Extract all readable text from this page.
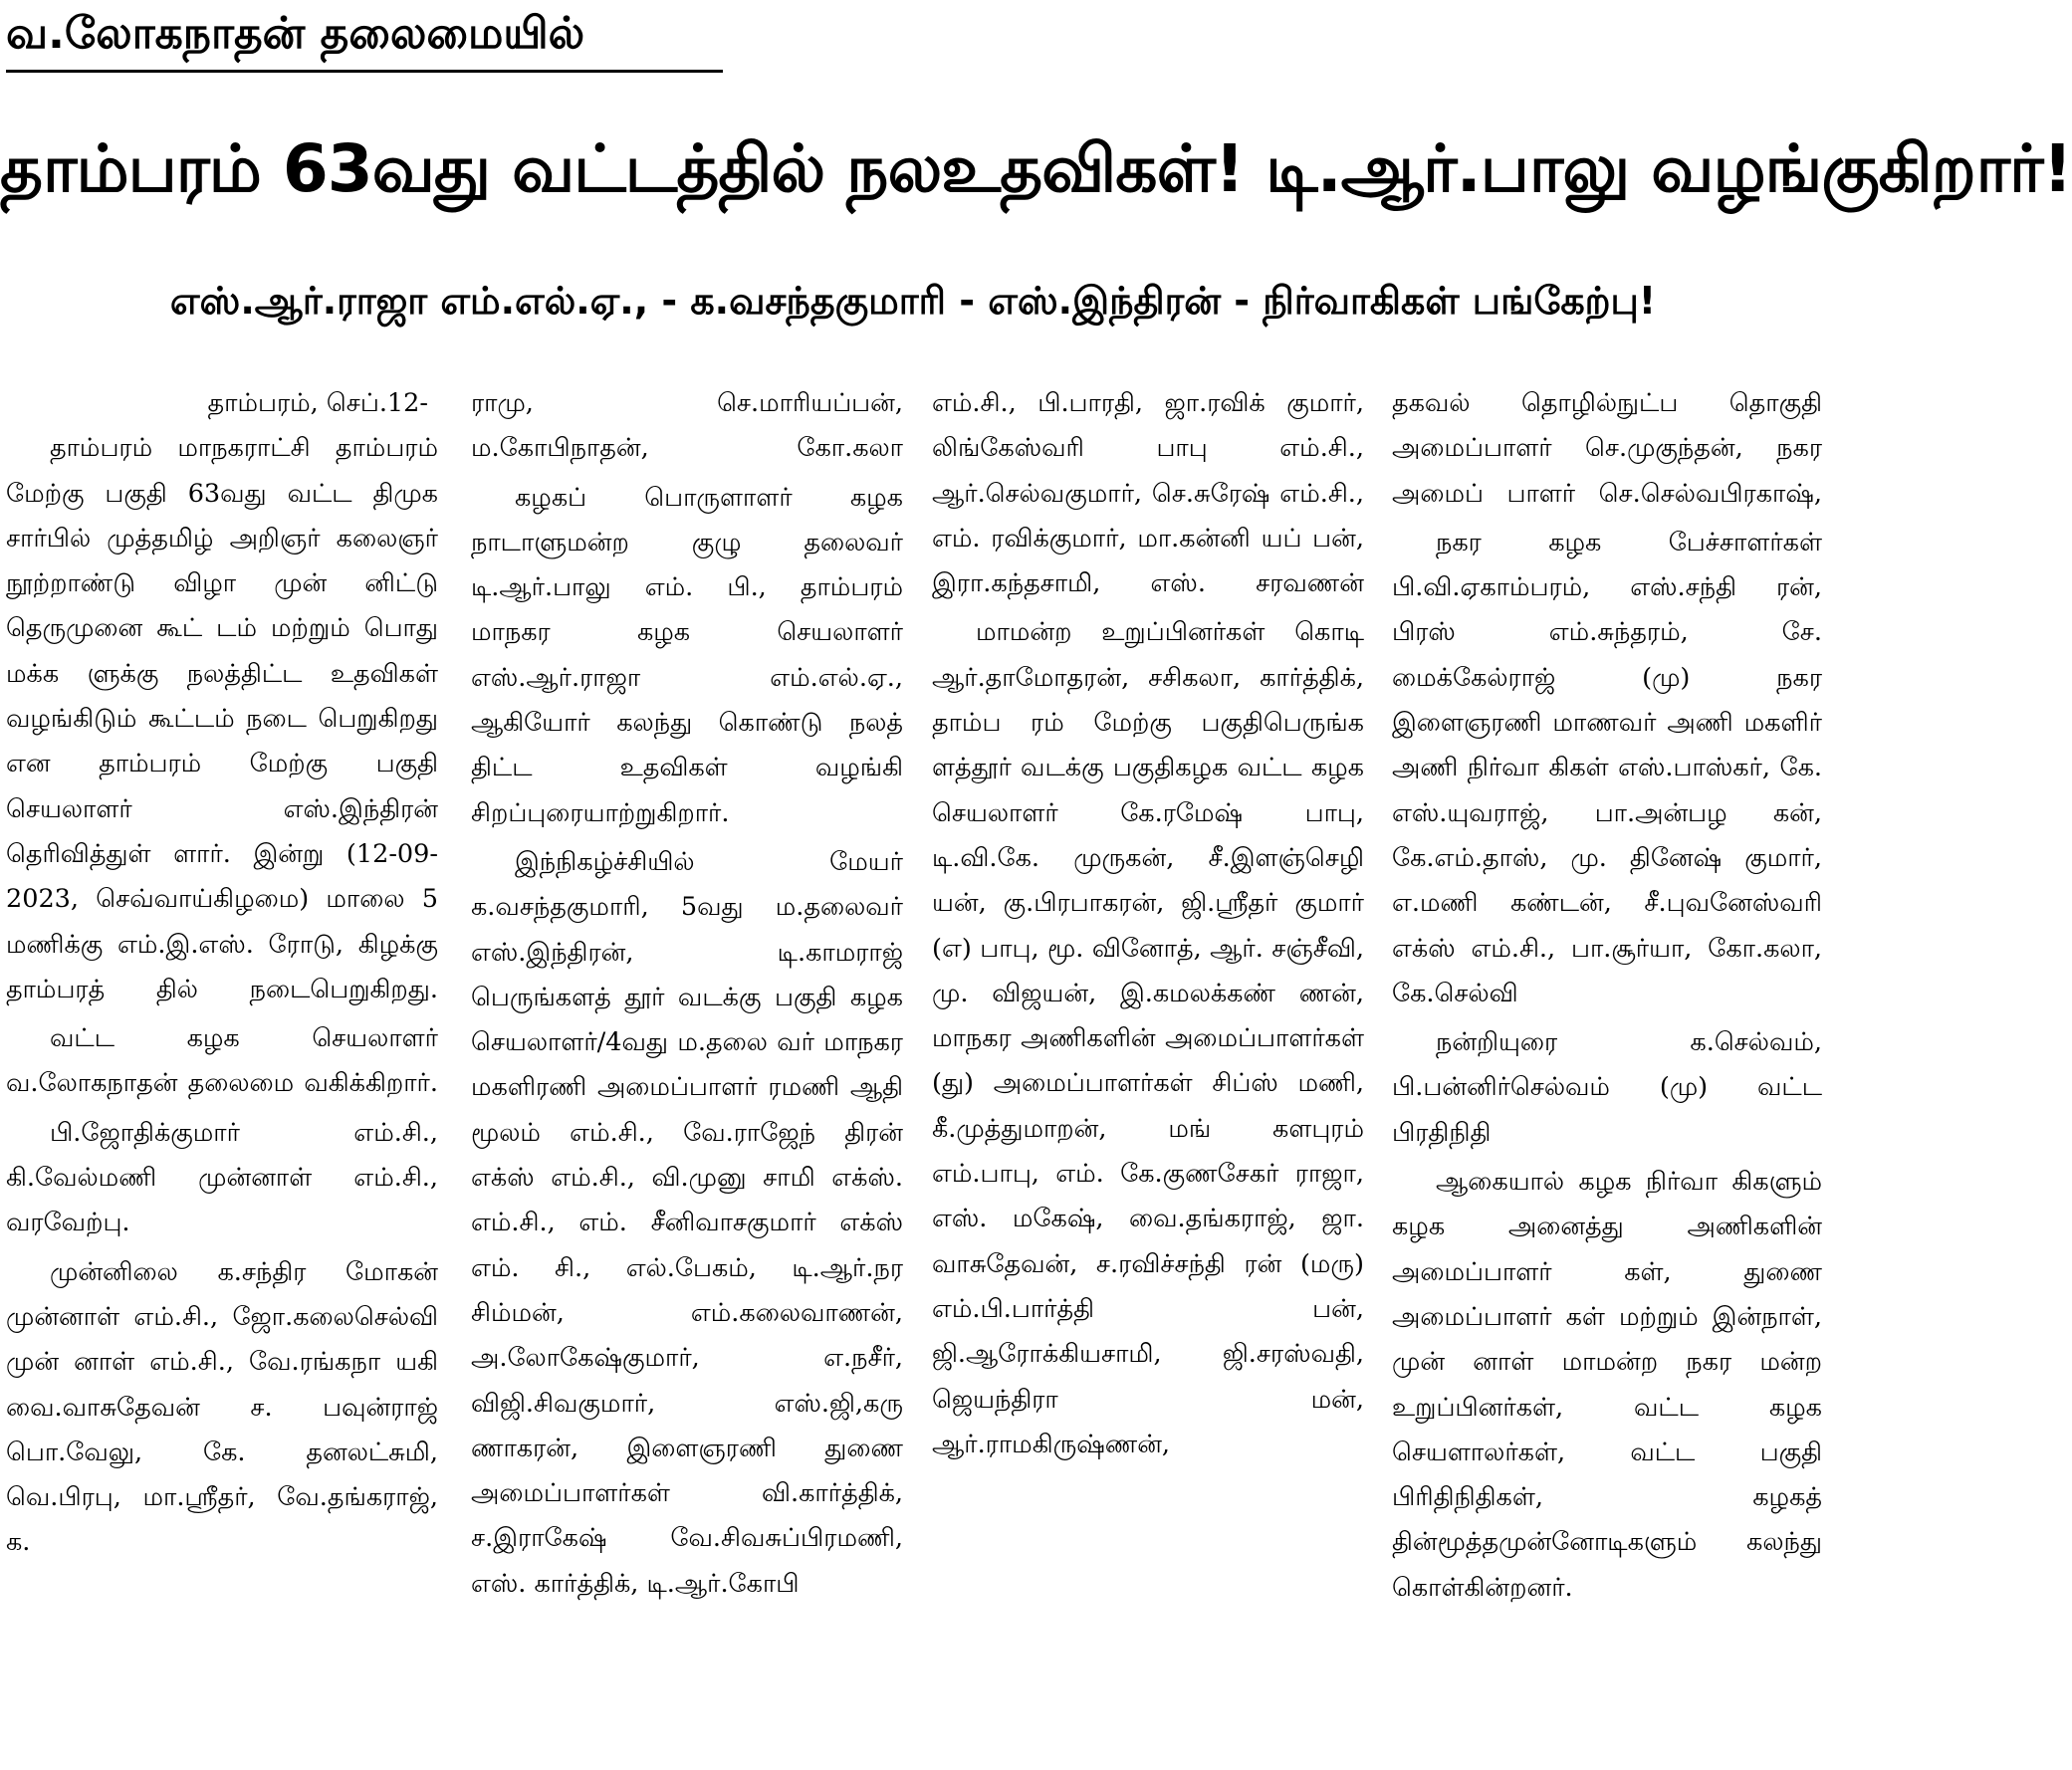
வ.லோகநாதன் தலைமையில்
தாம்பரம் 63வது வட்டத்தில் நலஉதவிகள்! டி.ஆர்.பாலு வழங்குகிறார்!
எஸ்.ஆர்.ராஜா எம்.எல்.ஏ., - க.வசந்தகுமாரி - எஸ்.இந்திரன் - நிர்வாகிகள் பங்கேற்பு!

தாம்பரம், செப்.12-

தாம்பரம் மாநகராட்சி தாம்பரம் மேற்கு பகுதி 63வது வட்ட திமுக சார்பில் முத்தமிழ் அறிஞர் கலைஞர் நூற்றாண்டு விழா முன் னிட்டு தெருமுனை கூட் டம் மற்றும் பொது மக்க ளுக்கு நலத்திட்ட உதவிகள் வழங்கிடும் கூட்டம் நடை பெறுகிறது என தாம்பரம் மேற்கு பகுதி செயலாளர் எஸ்.இந்திரன் தெரிவித்துள் ளார். இன்று (12-09-2023, செவ்வாய்கிழமை) மாலை 5 மணிக்கு எம்.இ.எஸ். ரோடு, கிழக்கு தாம்பரத் தில் நடைபெறுகிறது.

வட்ட கழக செயலாளர் வ.லோகநாதன் தலைமை வகிக்கிறார்.

பி.ஜோதிக்குமார் எம்.சி., கி.வேல்மணி முன்னாள் எம்.சி., வரவேற்பு.

முன்னிலை க.சந்திர மோகன் முன்னாள் எம்.சி., ஜோ.கலைசெல்வி முன் னாள் எம்.சி., வே.ரங்கநா யகி வை.வாசுதேவன் ச. பவுன்ராஜ் பொ.வேலு, கே. தனலட்சுமி, வெ.பிரபு, மா.ஸ்ரீதர், வே.தங்கராஜ், க.

ராமு, செ.மாரியப்பன், ம.கோபிநாதன், கோ.கலா

கழகப் பொருளாளர் கழக நாடாளுமன்ற குழு தலைவர் டி.ஆர்.பாலு எம். பி., தாம்பரம் மாநகர கழக செயலாளர் எஸ்.ஆர்.ராஜா எம்.எல்.ஏ., ஆகியோர் கலந்து கொண்டு நலத் திட்ட உதவிகள் வழங்கி சிறப்புரையாற்றுகிறார்.

இந்நிகழ்ச்சியில் மேயர் க.வசந்தகுமாரி, 5வது ம.தலைவர் எஸ்.இந்திரன், டி.காமராஜ் பெருங்களத் தூர் வடக்கு பகுதி கழக செயலாளர்/4வது ம.தலை வர் மாநகர மகளிரணி அமைப்பாளர் ரமணி ஆதி மூலம் எம்.சி., வே.ராஜேந் திரன் எக்ஸ் எம்.சி., வி.முனு சாமி எக்ஸ். எம்.சி., எம். சீனிவாசகுமார் எக்ஸ் எம். சி., எல்.பேகம், டி.ஆர்.நர சிம்மன், எம்.கலைவாணன், அ.லோகேஷ்குமார், எ.நசீர், விஜி.சிவகுமார், எஸ்.ஜி,கரு ணாகரன், இளைஞரணி துணை அமைப்பாளர்கள் வி.கார்த்திக், ச.இராகேஷ் வே.சிவசுப்பிரமணி, எஸ். கார்த்திக், டி.ஆர்.கோபி

எம்.சி., பி.பாரதி, ஜா.ரவிக் குமார், லிங்கேஸ்வரி பாபு எம்.சி., ஆர்.செல்வகுமார், செ.சுரேஷ் எம்.சி., எம். ரவிக்குமார், மா.கன்னி யப் பன், இரா.கந்தசாமி, எஸ். சரவணன்

மாமன்ற உறுப்பினர்கள் கொடி ஆர்.தாமோதரன், சசிகலா, கார்த்திக், தாம்ப ரம் மேற்கு பகுதிபெருங்க ளத்தூர் வடக்கு பகுதிகழக வட்ட கழக செயலாளர் கே.ரமேஷ் பாபு, டி.வி.கே. முருகன், சீ.இளஞ்செழி யன், கு.பிரபாகரன், ஜி.ஸ்ரீதர் குமார் (எ) பாபு, மூ. வினோத், ஆர். சஞ்சீவி, மு. விஜயன், இ.கமலக்கண் ணன், மாநகர அணிகளின் அமைப்பாளர்கள் (து) அமைப்பாளர்கள் சிப்ஸ் மணி, கீ.முத்துமாறன், மங் களபுரம் எம்.பாபு, எம். கே.குணசேகர் ராஜா, எஸ். மகேஷ், வை.தங்கராஜ், ஜா. வாசுதேவன், ச.ரவிச்சந்தி ரன் (மரு) எம்.பி.பார்த்தி பன், ஜி.ஆரோக்கியசாமி, ஜி.சரஸ்வதி, ஜெயந்திரா மன், ஆர்.ராமகிருஷ்ணன்,

தகவல் தொழில்நுட்ப தொகுதி அமைப்பாளர் செ.முகுந்தன், நகர அமைப் பாளர் செ.செல்வபிரகாஷ்,

நகர கழக பேச்சாளர்கள் பி.வி.ஏகாம்பரம், எஸ்.சந்தி ரன், பிரஸ் எம்.சுந்தரம், சே. மைக்கேல்ராஜ் (மு) நகர இளைஞரணி மாணவர் அணி மகளிர் அணி நிர்வா கிகள் எஸ்.பாஸ்கர், கே. எஸ்.யுவராஜ், பா.அன்பழ கன், கே.எம்.தாஸ், மு. தினேஷ் குமார், எ.மணி கண்டன், சீ.புவனேஸ்வரி எக்ஸ் எம்.சி., பா.சூர்யா, கோ.கலா, கே.செல்வி

நன்றியுரை க.செல்வம், பி.பன்னிர்செல்வம் (மு) வட்ட பிரதிநிதி

ஆகையால் கழக நிர்வா கிகளும் கழக அனைத்து அணிகளின் அமைப்பாளர் கள், துணை அமைப்பாளர் கள் மற்றும் இன்நாள், முன் னாள் மாமன்ற நகர மன்ற உறுப்பினர்கள், வட்ட கழக செயளாலர்கள், வட்ட பகுதி பிரிதிநிதிகள், கழகத் தின்மூத்தமுன்னோடிகளும் கலந்து கொள்கின்றனர்.
